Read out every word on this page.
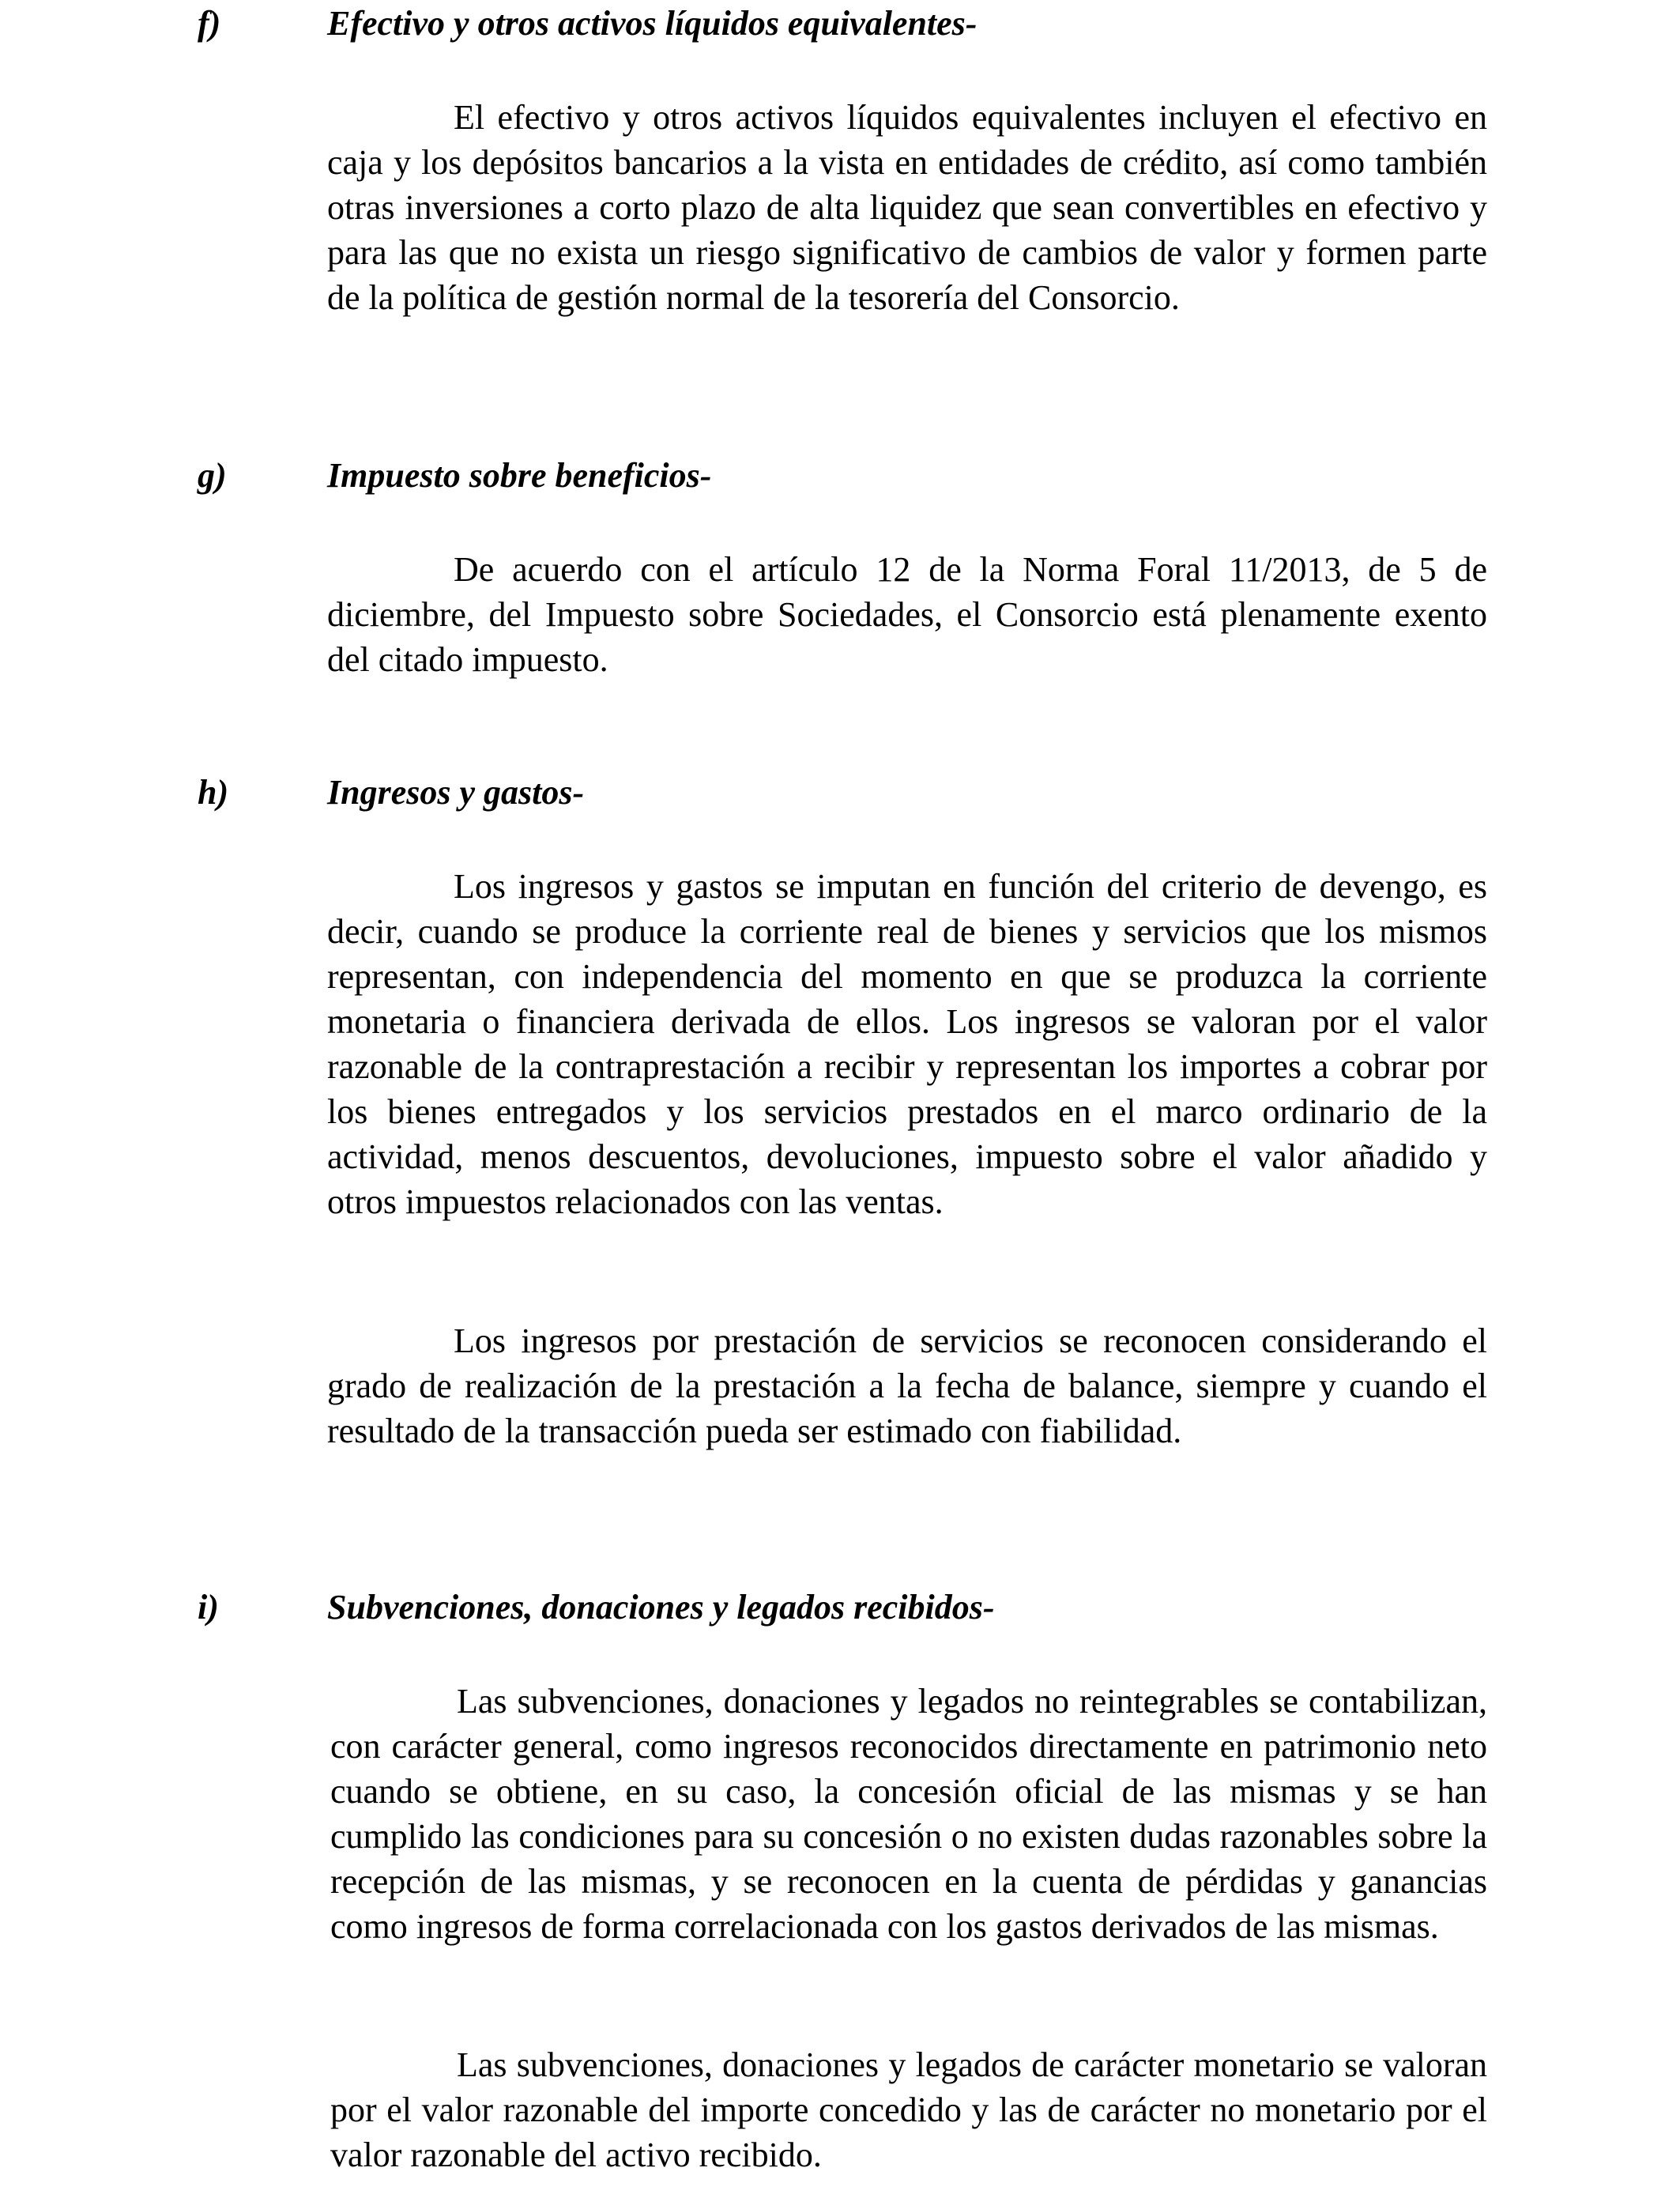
f)	Efectivo y otros activos líquidos equivalentes-

El efectivo y otros activos líquidos equivalentes incluyen el efectivo en caja y los depósitos bancarios a la vista en entidades de crédito, así como también otras inversiones a corto plazo de alta liquidez que sean convertibles en efectivo y para las que no exista un riesgo significativo de cambios de valor y formen parte de la política de gestión normal de la tesorería del Consorcio.

g)	Impuesto sobre beneficios-

De acuerdo con el artículo 12 de la Norma Foral 11/2013, de 5 de diciembre, del Impuesto sobre Sociedades, el Consorcio está plenamente exento del citado impuesto.

h)	Ingresos y gastos-

Los ingresos y gastos se imputan en función del criterio de devengo, es decir, cuando se produce la corriente real de bienes y servicios que los mismos representan, con independencia del momento en que se produzca la corriente monetaria o financiera derivada de ellos. Los ingresos se valoran por el valor razonable de la contraprestación a recibir y representan los importes a cobrar por los bienes entregados y los servicios prestados en el marco ordinario de la actividad, menos descuentos, devoluciones, impuesto sobre el valor añadido y otros impuestos relacionados con las ventas.

Los ingresos por prestación de servicios se reconocen considerando el grado de realización de la prestación a la fecha de balance, siempre y cuando el resultado de la transacción pueda ser estimado con fiabilidad.

i)	Subvenciones, donaciones y legados recibidos-

Las subvenciones, donaciones y legados no reintegrables se contabilizan, con carácter general, como ingresos reconocidos directamente en patrimonio neto cuando se obtiene, en su caso, la concesión oficial de las mismas y se han cumplido las condiciones para su concesión o no existen dudas razonables sobre la recepción de las mismas, y se reconocen en la cuenta de pérdidas y ganancias como ingresos de forma correlacionada con los gastos derivados de las mismas.

Las subvenciones, donaciones y legados de carácter monetario se valoran por el valor razonable del importe concedido y las de carácter no monetario por el valor razonable del activo recibido.
